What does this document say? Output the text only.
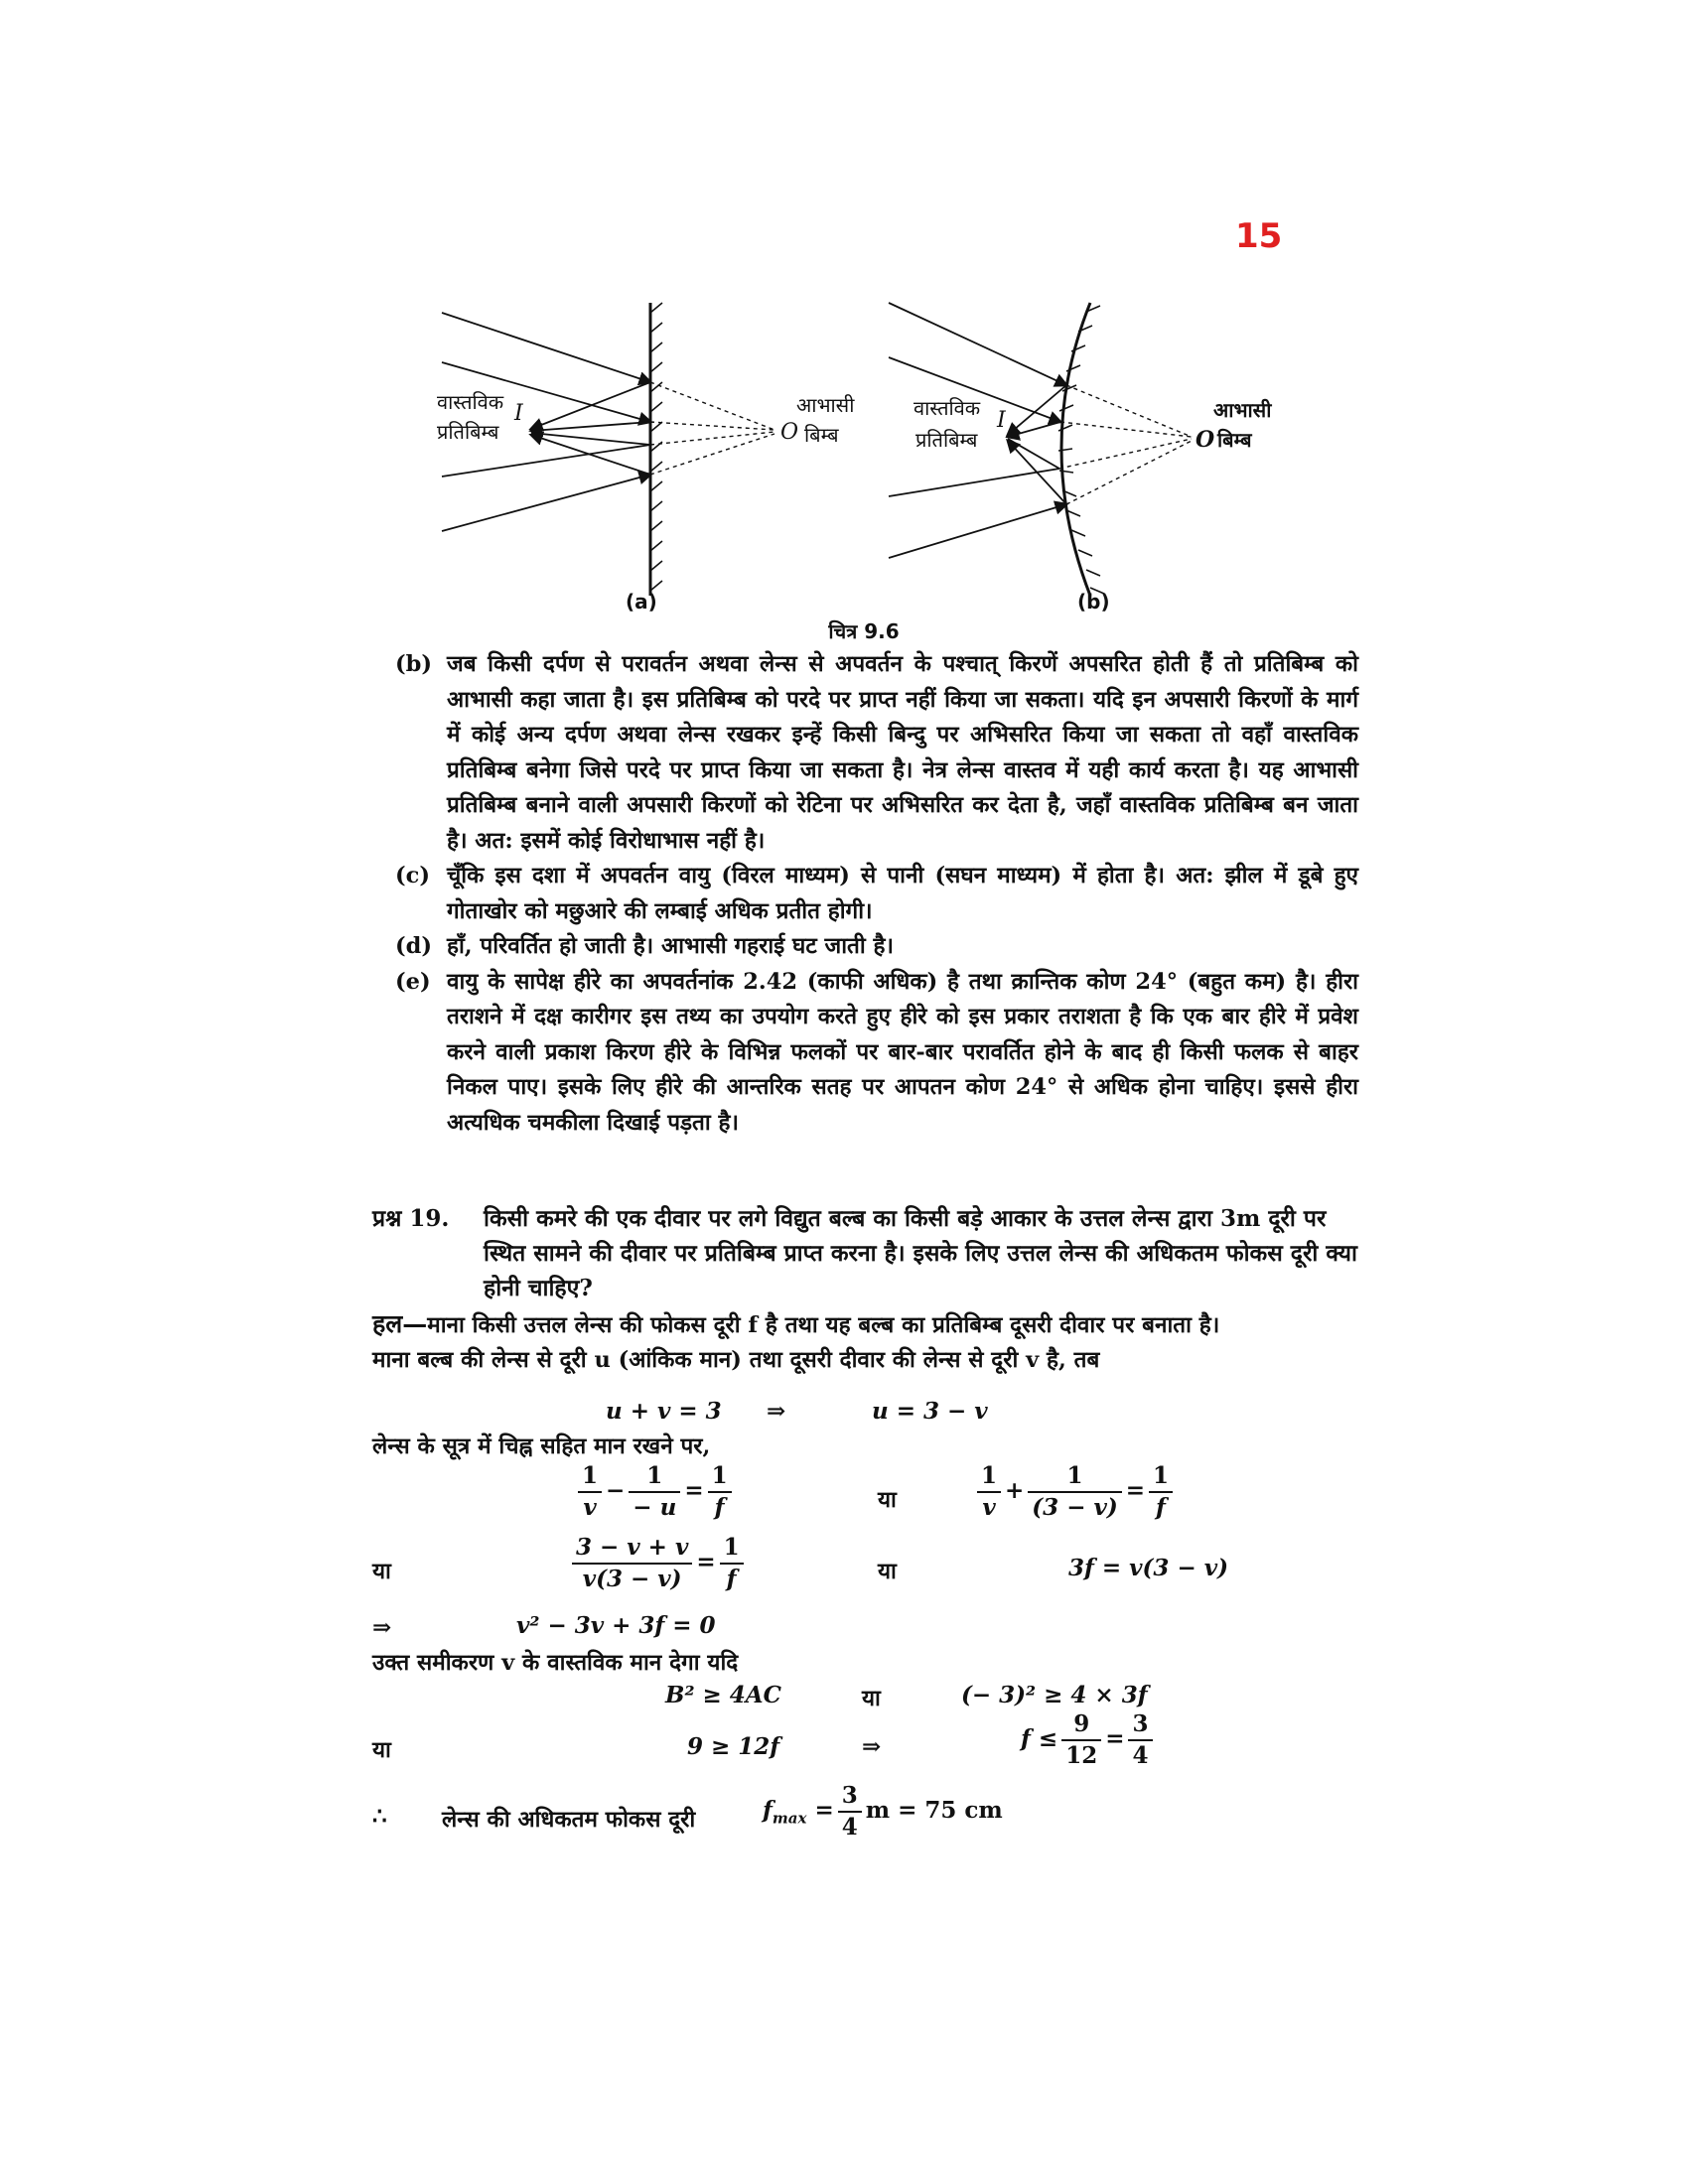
15
वास्तविक
प्रतिबिम्ब
I
O
आभासी
बिम्ब
(a)
वास्तविक
प्रतिबिम्ब
I
O
आभासी
बिम्ब
(b)
चित्र 9.6
(b) जब किसी दर्पण से परावर्तन अथवा लेन्स से अपवर्तन के पश्चात् किरणें अपसरित होती हैं तो प्रतिबिम्ब को आभासी कहा जाता है। इस प्रतिबिम्ब को परदे पर प्राप्त नहीं किया जा सकता। यदि इन अपसारी किरणों के मार्ग में कोई अन्य दर्पण अथवा लेन्स रखकर इन्हें किसी बिन्दु पर अभिसरित किया जा सकता तो वहाँ वास्तविक प्रतिबिम्ब बनेगा जिसे परदे पर प्राप्त किया जा सकता है। नेत्र लेन्स वास्तव में यही कार्य करता है। यह आभासी प्रतिबिम्ब बनाने वाली अपसारी किरणों को रेटिना पर अभिसरित कर देता है, जहाँ वास्तविक प्रतिबिम्ब बन जाता है। अत: इसमें कोई विरोधाभास नहीं है।
(c) चूँकि इस दशा में अपवर्तन वायु (विरल माध्यम) से पानी (सघन माध्यम) में होता है। अत: झील में डूबे हुए गोताखोर को मछुआरे की लम्बाई अधिक प्रतीत होगी।
(d) हाँ, परिवर्तित हो जाती है। आभासी गहराई घट जाती है।
(e) वायु के सापेक्ष हीरे का अपवर्तनांक 2.42 (काफी अधिक) है तथा क्रान्तिक कोण 24° (बहुत कम) है। हीरा तराशने में दक्ष कारीगर इस तथ्य का उपयोग करते हुए हीरे को इस प्रकार तराशता है कि एक बार हीरे में प्रवेश करने वाली प्रकाश किरण हीरे के विभिन्न फलकों पर बार-बार परावर्तित होने के बाद ही किसी फलक से बाहर निकल पाए। इसके लिए हीरे की आन्तरिक सतह पर आपतन कोण 24° से अधिक होना चाहिए। इससे हीरा अत्यधिक चमकीला दिखाई पड़ता है।
प्रश्न 19.	किसी कमरे की एक दीवार पर लगे विद्युत बल्ब का किसी बड़े आकार के उत्तल लेन्स द्वारा 3m दूरी पर स्थित सामने की दीवार पर प्रतिबिम्ब प्राप्त करना है। इसके लिए उत्तल लेन्स की अधिकतम फोकस दूरी क्या होनी चाहिए?
हल—माना किसी उत्तल लेन्स की फोकस दूरी f है तथा यह बल्ब का प्रतिबिम्ब दूसरी दीवार पर बनाता है।
माना बल्ब की लेन्स से दूरी u (आंकिक मान) तथा दूसरी दीवार की लेन्स से दूरी v है, तब
u + v = 3 ⇒	u = 3 − v
लेन्स के सूत्र में चिह्न सहित मान रखने पर,
$\frac{1}{v} - \frac{1}{- u} = \frac{1}{f}$	या	$\frac{1}{v} + \frac{1}{(3 - v)} = \frac{1}{f}$
या	$\frac{3 - v + v}{v(3 - v)} = \frac{1}{f}$	या	3f = v(3 − v)
⇒	v² − 3v + 3f = 0
उक्त समीकरण v के वास्तविक मान देगा यदि
B² ≥ 4AC	या	(− 3)² ≥ 4 × 3f
या	9 ≥ 12f	⇒	$f \le \frac{9}{12} = \frac{3}{4}$
∴ लेन्स की अधिकतम फोकस दूरी	$f_{max} = \frac{3}{4}$ m = 75 cm
